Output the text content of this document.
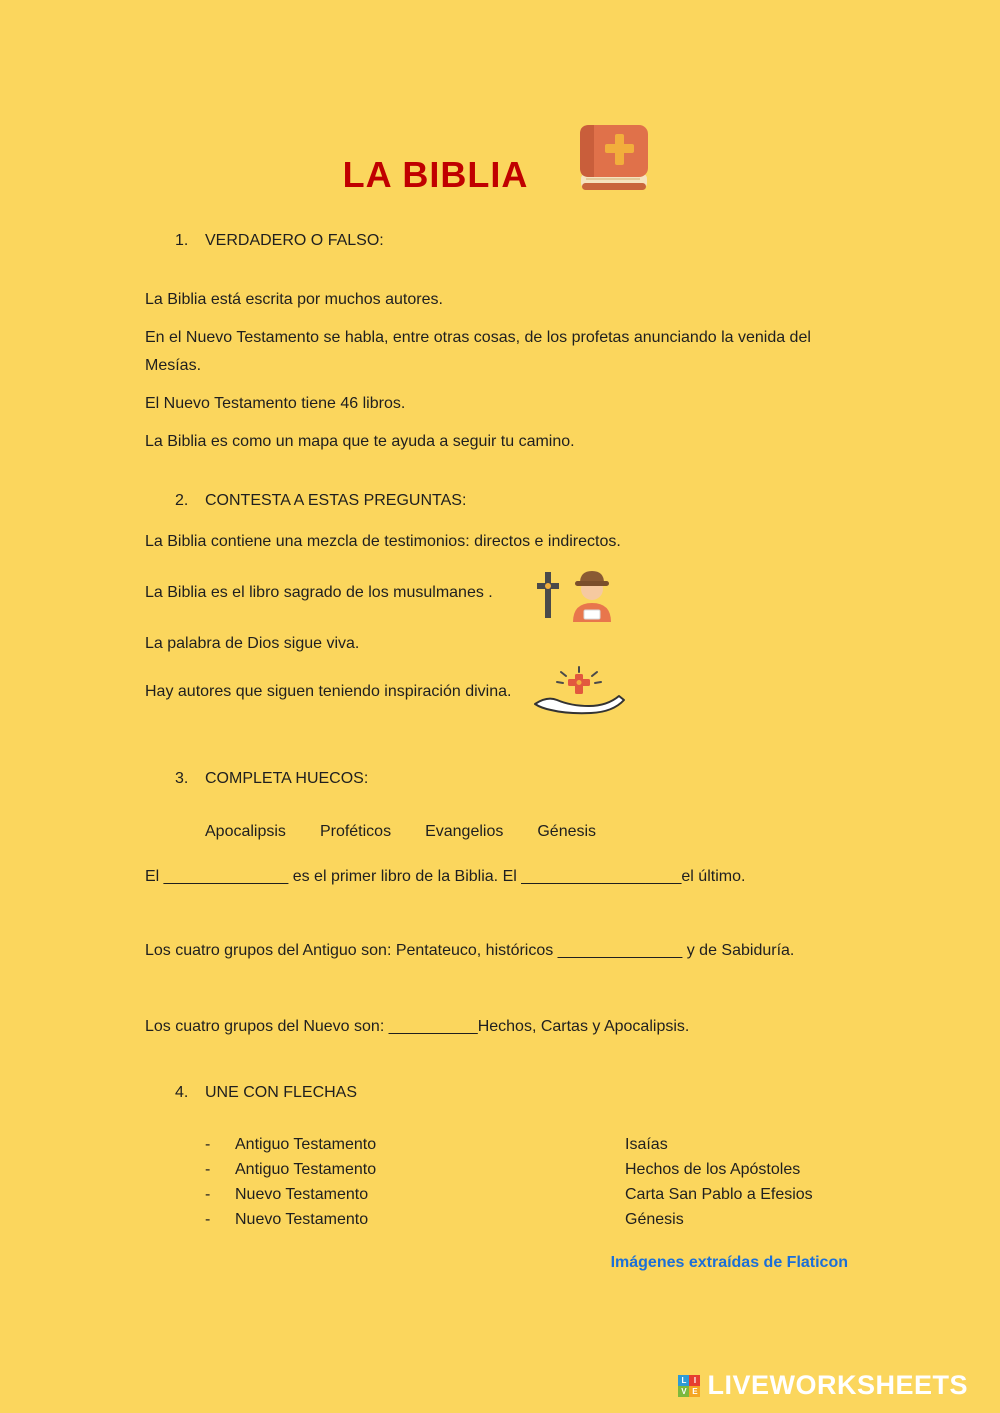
LA BIBLIA
1.	VERDADERO O FALSO:

La Biblia está escrita por muchos autores.

En el Nuevo Testamento se habla, entre otras cosas, de los profetas anunciando la venida del Mesías.

El Nuevo Testamento tiene 46 libros.

La Biblia es como un mapa que te ayuda a seguir tu camino.

2.	CONTESTA A ESTAS PREGUNTAS:

La Biblia contiene una mezcla de testimonios: directos e indirectos.

La Biblia es el libro sagrado de los musulmanes .

La palabra de Dios sigue viva.

Hay autores que siguen teniendo inspiración divina.

3.	COMPLETA HUECOS:
Apocalipsis Proféticos Evangelios Génesis

El ______________ es el primer libro de la Biblia. El __________________el último.

Los cuatro grupos del Antiguo son: Pentateuco, históricos ______________ y de Sabiduría.

Los cuatro grupos del Nuevo son: __________Hechos, Cartas y Apocalipsis.

4.	UNE CON FLECHAS
-	Antiguo Testamento	Isaías
-	Antiguo Testamento	Hechos de los Apóstoles
-	Nuevo Testamento	Carta San Pablo a Efesios
-	Nuevo Testamento	Génesis
Imágenes extraídas de Flaticon
L I
V E LIVEWORKSHEETS
